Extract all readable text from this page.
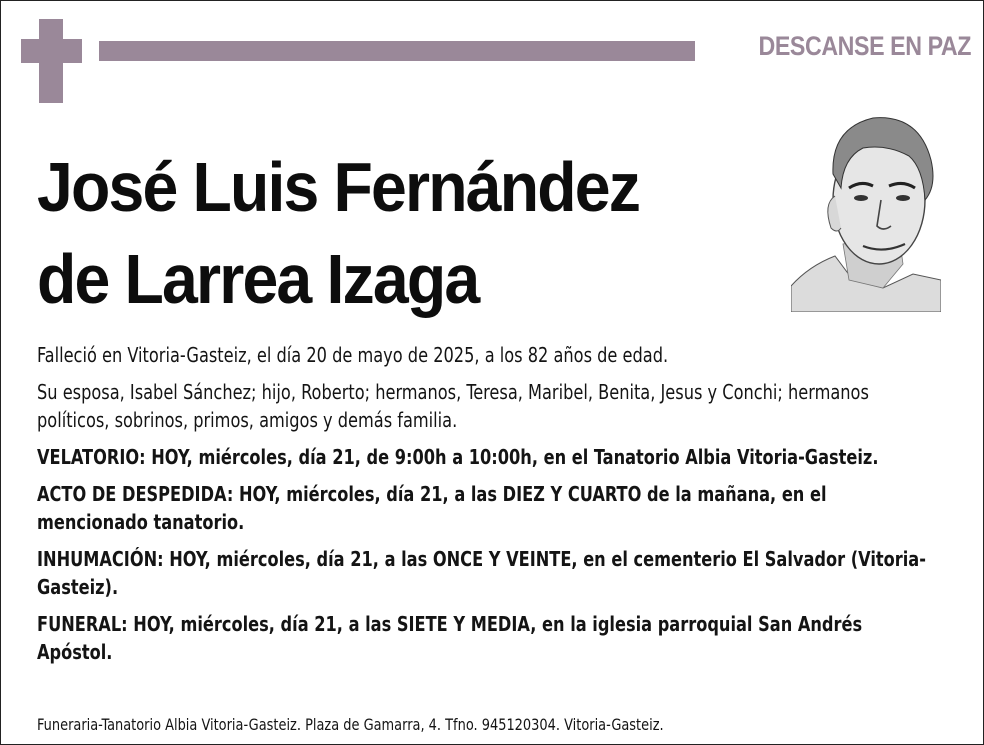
DESCANSE EN PAZ
José Luis Fernández
de Larrea Izaga

Falleció en Vitoria-Gasteiz, el día 20 de mayo de 2025, a los 82 años de edad.

Su esposa, Isabel Sánchez; hijo, Roberto; hermanos, Teresa, Maribel, Benita, Jesus y Conchi; hermanos políticos, sobrinos, primos, amigos y demás familia.

VELATORIO: HOY, miércoles, día 21, de 9:00h a 10:00h, en el Tanatorio Albia Vitoria-Gasteiz.

ACTO DE DESPEDIDA: HOY, miércoles, día 21, a las DIEZ Y CUARTO de la mañana, en el mencionado tanatorio.

INHUMACIÓN: HOY, miércoles, día 21, a las ONCE Y VEINTE, en el cementerio El Salvador (Vitoria-Gasteiz).

FUNERAL: HOY, miércoles, día 21, a las SIETE Y MEDIA, en la iglesia parroquial San Andrés Apóstol.

Funeraria-Tanatorio Albia Vitoria-Gasteiz. Plaza de Gamarra, 4. Tfno. 945120304. Vitoria-Gasteiz.
